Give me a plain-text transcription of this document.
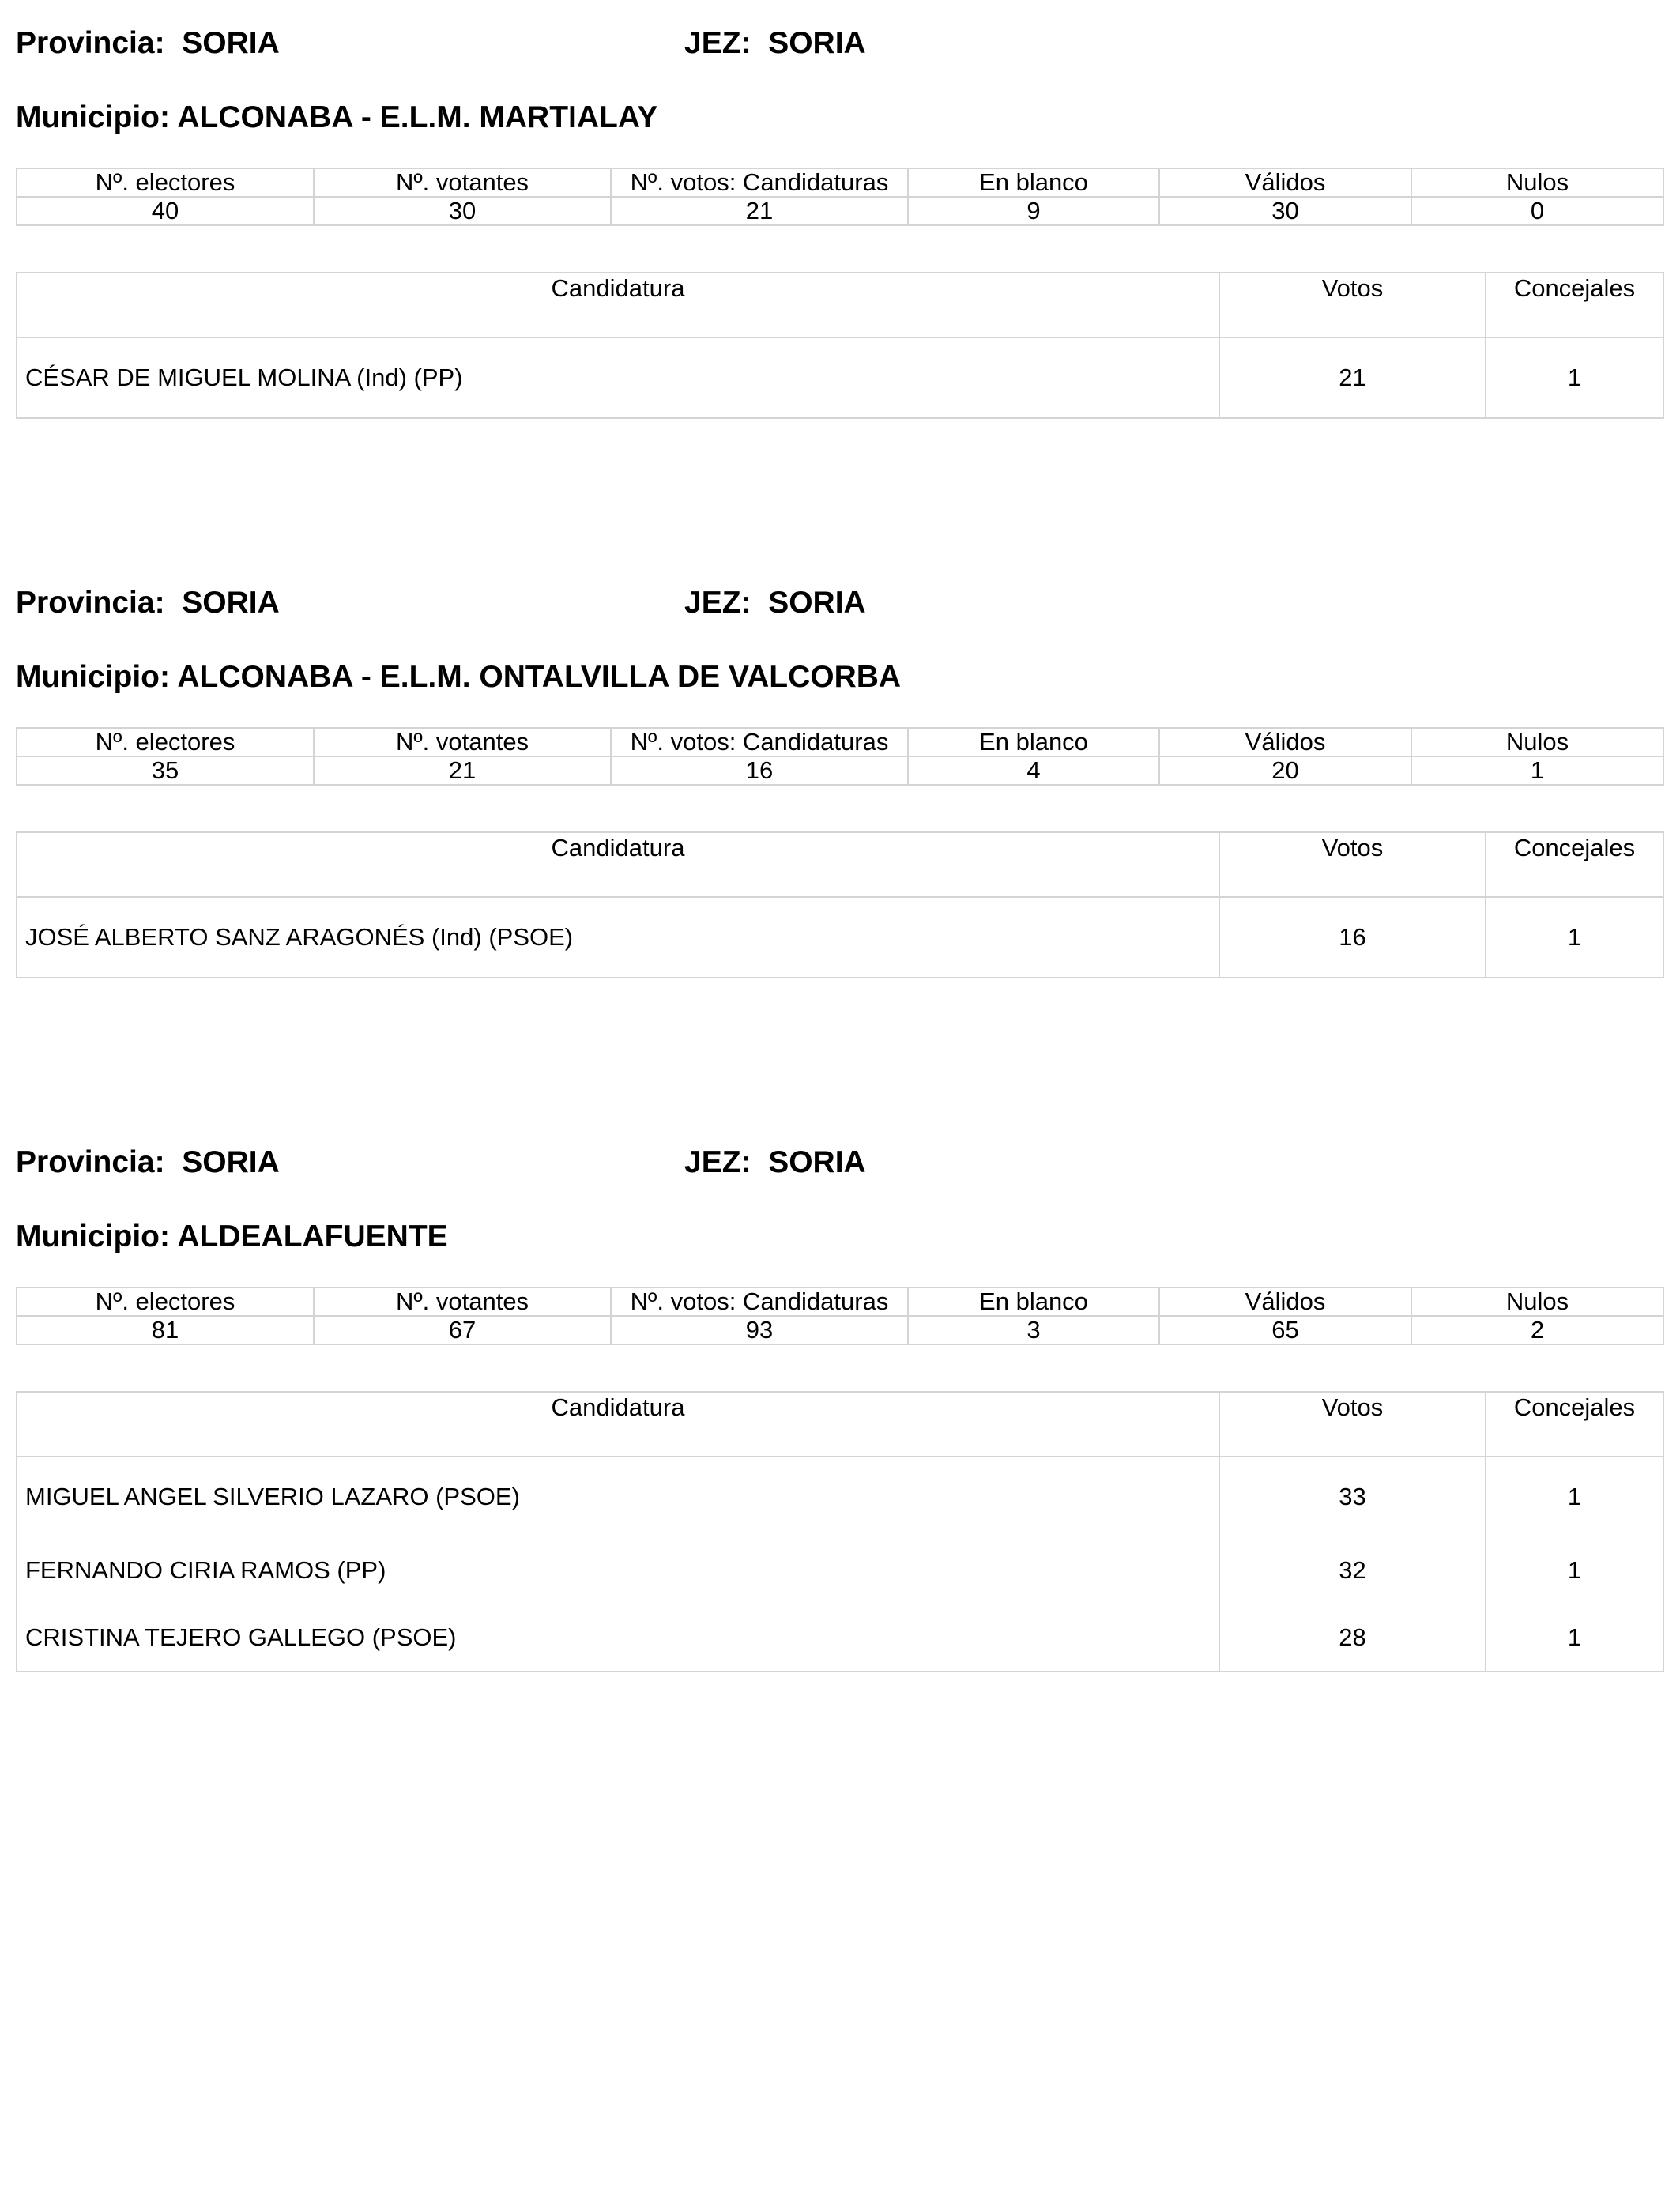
Provincia: SORIA	JEZ: SORIA
Municipio: ALCONABA - E.L.M. MARTIALAY
Nº. electores	Nº. votantes	Nº. votos: Candidaturas	En blanco	Válidos	Nulos
40	30	21	9	30	0
Candidatura	Votos	Concejales
CÉSAR DE MIGUEL MOLINA (Ind) (PP)	21	1
Provincia: SORIA	JEZ: SORIA
Municipio: ALCONABA - E.L.M. ONTALVILLA DE VALCORBA
Nº. electores	Nº. votantes	Nº. votos: Candidaturas	En blanco	Válidos	Nulos
35	21	16	4	20	1
Candidatura	Votos	Concejales
JOSÉ ALBERTO SANZ ARAGONÉS (Ind) (PSOE)	16	1
Provincia: SORIA	JEZ: SORIA
Municipio: ALDEALAFUENTE
Nº. electores	Nº. votantes	Nº. votos: Candidaturas	En blanco	Válidos	Nulos
81	67	93	3	65	2
Candidatura	Votos	Concejales
MIGUEL ANGEL SILVERIO LAZARO (PSOE)	33	1
FERNANDO CIRIA RAMOS (PP)	32	1
CRISTINA TEJERO GALLEGO (PSOE)	28	1
